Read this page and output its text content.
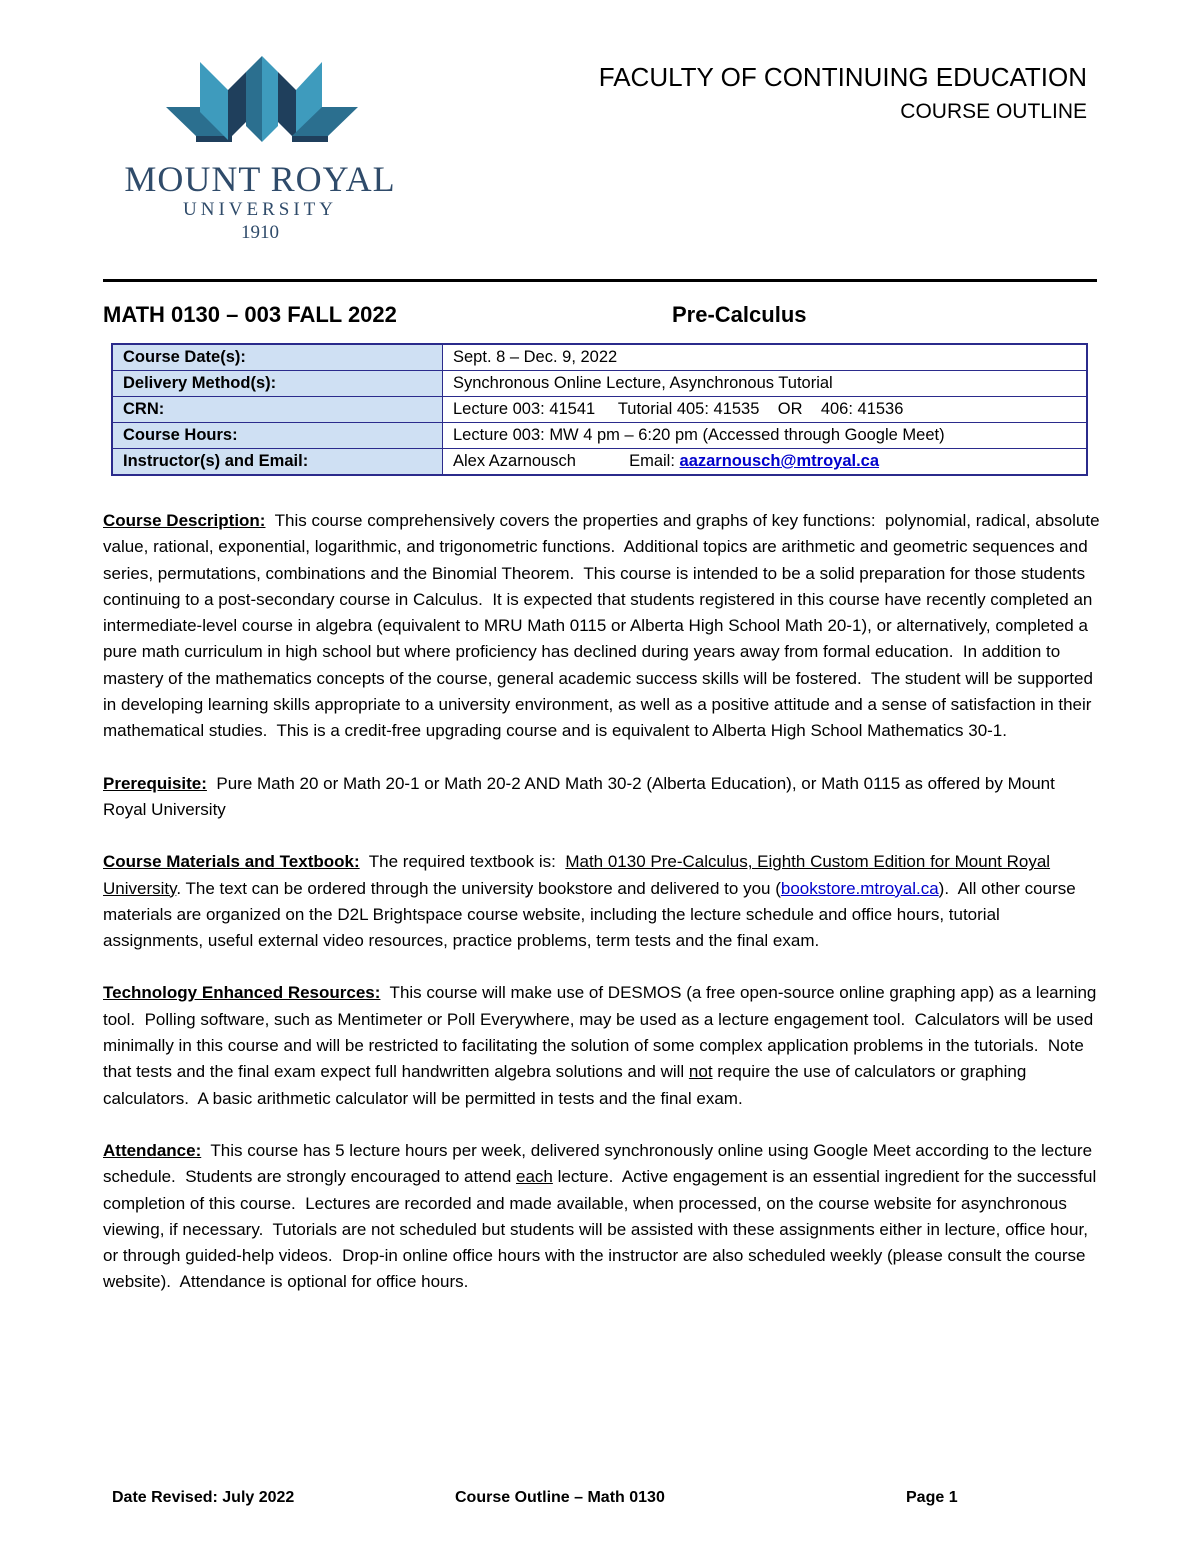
MOUNT ROYAL
UNIVERSITY
1910
FACULTY OF CONTINUING EDUCATION
COURSE OUTLINE
MATH 0130 – 003 FALL 2022	Pre-Calculus
Course Date(s):	Sept. 8 – Dec. 9, 2022
Delivery Method(s):	Synchronous Online Lecture, Asynchronous Tutorial
CRN:	Lecture 003: 41541     Tutorial 405: 41535    OR    406: 41536
Course Hours:	Lecture 003: MW 4 pm – 6:20 pm (Accessed through Google Meet)
Instructor(s) and Email:	Alex Azarnousch Email: aazarnousch@mtroyal.ca

Course Description:  This course comprehensively covers the properties and graphs of key functions:  polynomial, radical, absolute value, rational, exponential, logarithmic, and trigonometric functions.  Additional topics are arithmetic and geometric sequences and series, permutations, combinations and the Binomial Theorem.  This course is intended to be a solid preparation for those students continuing to a post-secondary course in Calculus.  It is expected that students registered in this course have recently completed an intermediate-level course in algebra (equivalent to MRU Math 0115 or Alberta High School Math 20-1), or alternatively, completed a pure math curriculum in high school but where proficiency has declined during years away from formal education.  In addition to mastery of the mathematics concepts of the course, general academic success skills will be fostered.  The student will be supported in developing learning skills appropriate to a university environment, as well as a positive attitude and a sense of satisfaction in their mathematical studies.  This is a credit-free upgrading course and is equivalent to Alberta High School Mathematics 30-1.

Prerequisite:  Pure Math 20 or Math 20-1 or Math 20-2 AND Math 30-2 (Alberta Education), or Math 0115 as offered by Mount Royal University

Course Materials and Textbook:  The required textbook is:  Math 0130 Pre-Calculus, Eighth Custom Edition for Mount Royal University. The text can be ordered through the university bookstore and delivered to you (bookstore.mtroyal.ca).  All other course materials are organized on the D2L Brightspace course website, including the lecture schedule and office hours, tutorial assignments, useful external video resources, practice problems, term tests and the final exam.

Technology Enhanced Resources:  This course will make use of DESMOS (a free open-source online graphing app) as a learning tool.  Polling software, such as Mentimeter or Poll Everywhere, may be used as a lecture engagement tool.  Calculators will be used minimally in this course and will be restricted to facilitating the solution of some complex application problems in the tutorials.  Note that tests and the final exam expect full handwritten algebra solutions and will not require the use of calculators or graphing calculators.  A basic arithmetic calculator will be permitted in tests and the final exam.

Attendance:  This course has 5 lecture hours per week, delivered synchronously online using Google Meet according to the lecture schedule.  Students are strongly encouraged to attend each lecture.  Active engagement is an essential ingredient for the successful completion of this course.  Lectures are recorded and made available, when processed, on the course website for asynchronous viewing, if necessary.  Tutorials are not scheduled but students will be assisted with these assignments either in lecture, office hour, or through guided-help videos.  Drop-in online office hours with the instructor are also scheduled weekly (please consult the course website).  Attendance is optional for office hours.

Date Revised: July 2022	Course Outline – Math 0130	Page 1
